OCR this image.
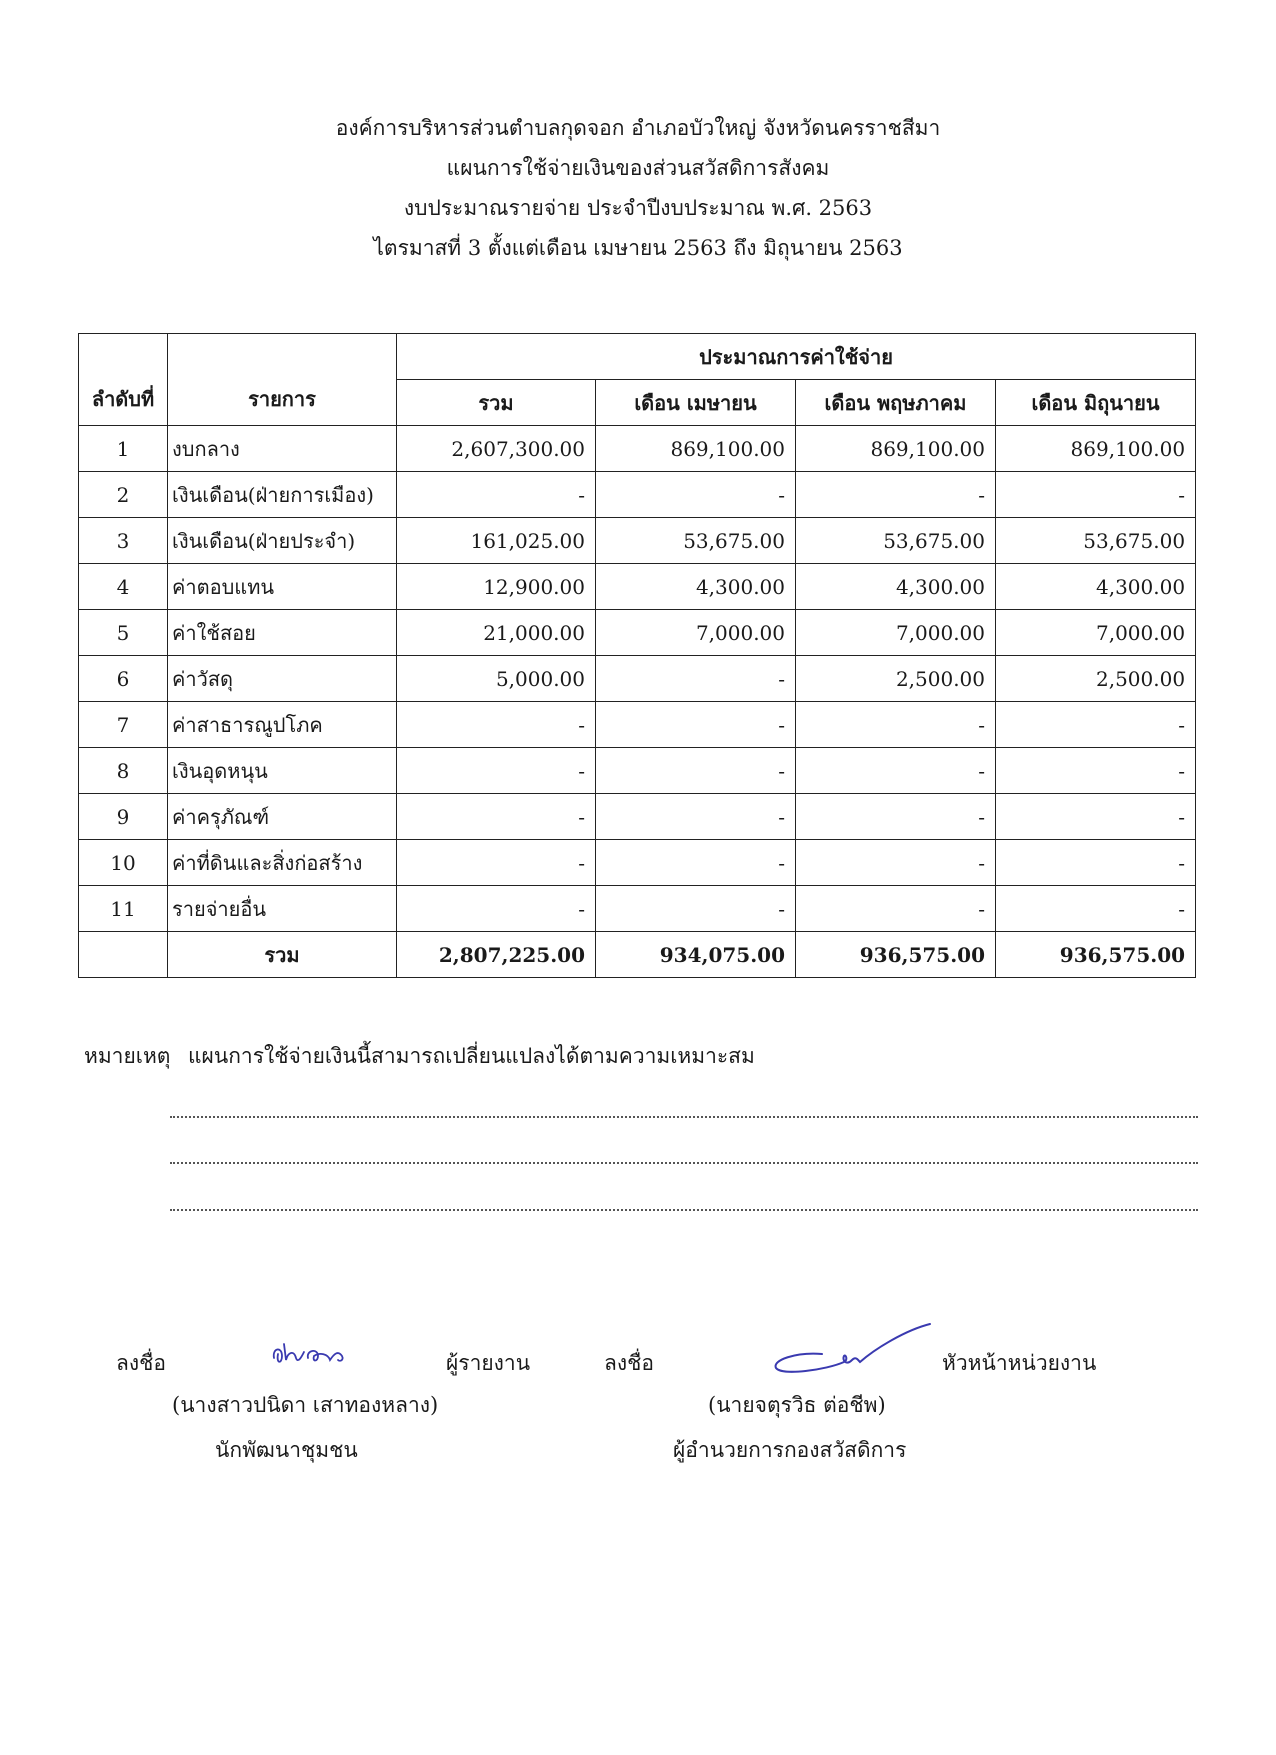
องค์การบริหารส่วนตำบลกุดจอก อำเภอบัวใหญ่ จังหวัดนครราชสีมา
แผนการใช้จ่ายเงินของส่วนสวัสดิการสังคม
งบประมาณรายจ่าย ประจำปีงบประมาณ พ.ศ. 2563
ไตรมาสที่ 3 ตั้งแต่เดือน เมษายน 2563 ถึง มิถุนายน 2563
ลำดับที่	รายการ	ประมาณการค่าใช้จ่าย			
		รวม	เดือน เมษายน	เดือน พฤษภาคม	เดือน มิถุนายน
1	งบกลาง	2,607,300.00	869,100.00	869,100.00	869,100.00
2	เงินเดือน(ฝ่ายการเมือง)	-	-	-	-
3	เงินเดือน(ฝ่ายประจำ)	161,025.00	53,675.00	53,675.00	53,675.00
4	ค่าตอบแทน	12,900.00	4,300.00	4,300.00	4,300.00
5	ค่าใช้สอย	21,000.00	7,000.00	7,000.00	7,000.00
6	ค่าวัสดุ	5,000.00	-	2,500.00	2,500.00
7	ค่าสาธารณูปโภค	-	-	-	-
8	เงินอุดหนุน	-	-	-	-
9	ค่าครุภัณฑ์	-	-	-	-
10	ค่าที่ดินและสิ่งก่อสร้าง	-	-	-	-
11	รายจ่ายอื่น	-	-	-	-
	รวม	2,807,225.00	934,075.00	936,575.00	936,575.00
หมายเหตุ แผนการใช้จ่ายเงินนี้สามารถเปลี่ยนแปลงได้ตามความเหมาะสม
ลงชื่อ	ผู้รายงาน
(นางสาวปนิดา เสาทองหลาง)
นักพัฒนาชุมชน
ลงชื่อ	หัวหน้าหน่วยงาน
(นายจตุรวิธ ต่อชีพ)
ผู้อำนวยการกองสวัสดิการ
